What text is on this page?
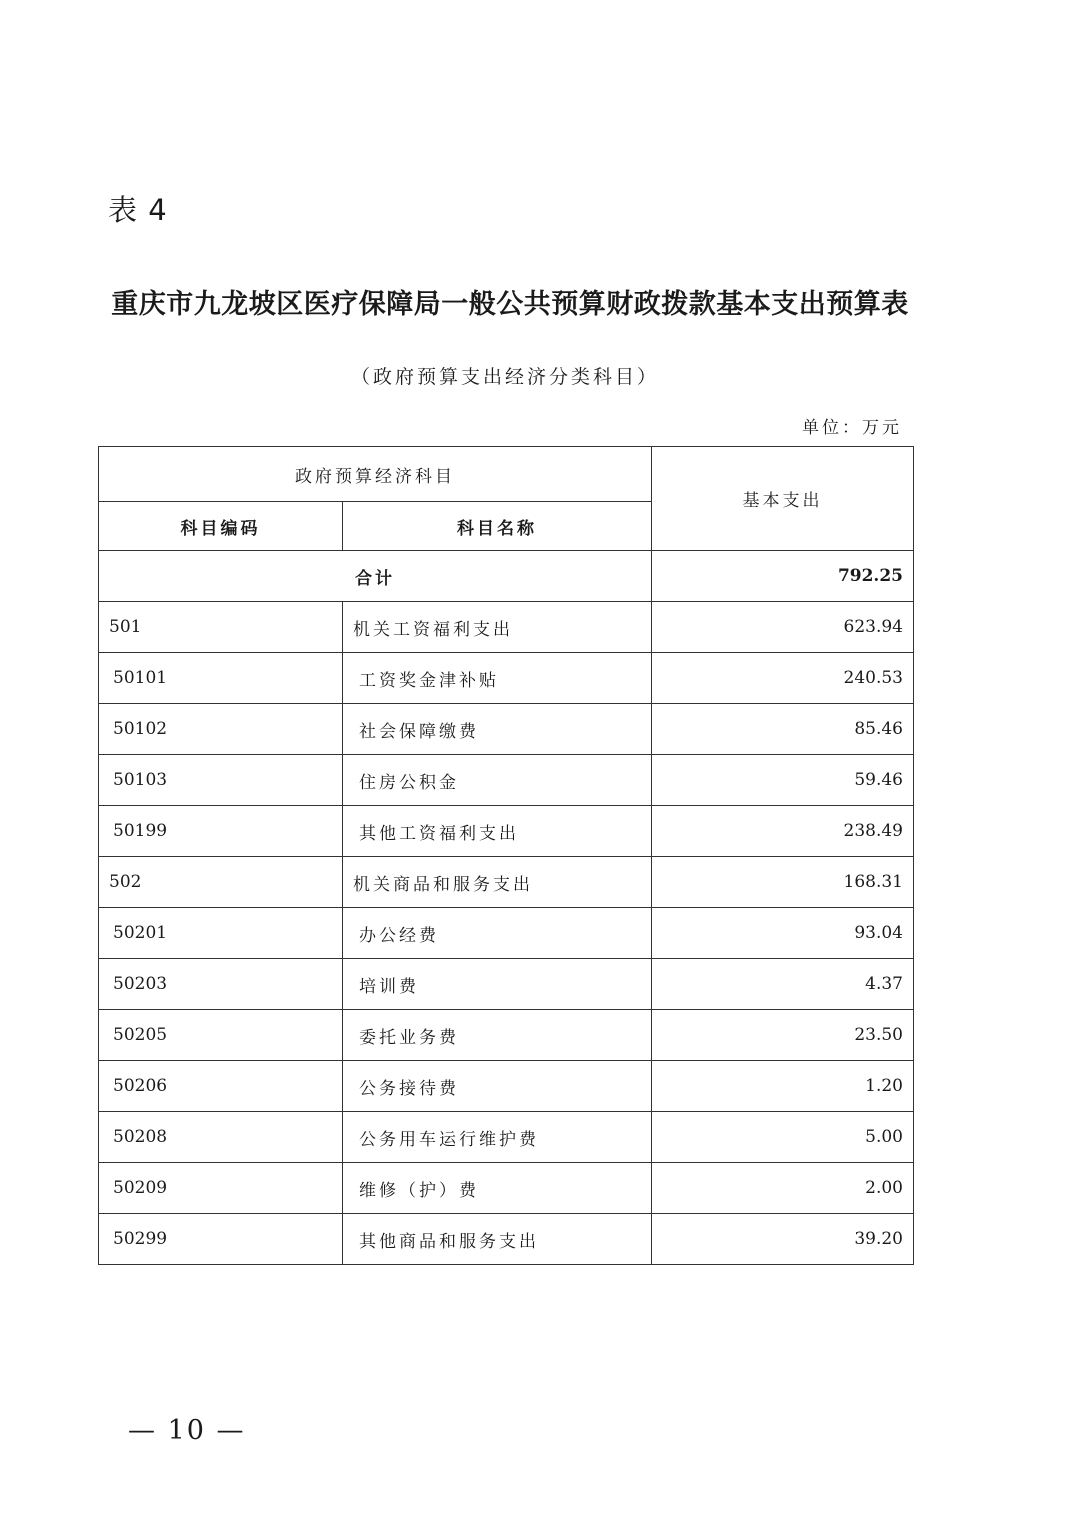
表 4
重庆市九龙坡区医疗保障局一般公共预算财政拨款基本支出预算表
（政府预算支出经济分类科目）
单位：万元
政府预算经济科目		基本支出
科目编码	科目名称	
合计		792.25
501	机关工资福利支出	623.94
50101	工资奖金津补贴	240.53
50102	社会保障缴费	85.46
50103	住房公积金	59.46
50199	其他工资福利支出	238.49
502	机关商品和服务支出	168.31
50201	办公经费	93.04
50203	培训费	4.37
50205	委托业务费	23.50
50206	公务接待费	1.20
50208	公务用车运行维护费	5.00
50209	维修（护）费	2.00
50299	其他商品和服务支出	39.20
— 10 —
